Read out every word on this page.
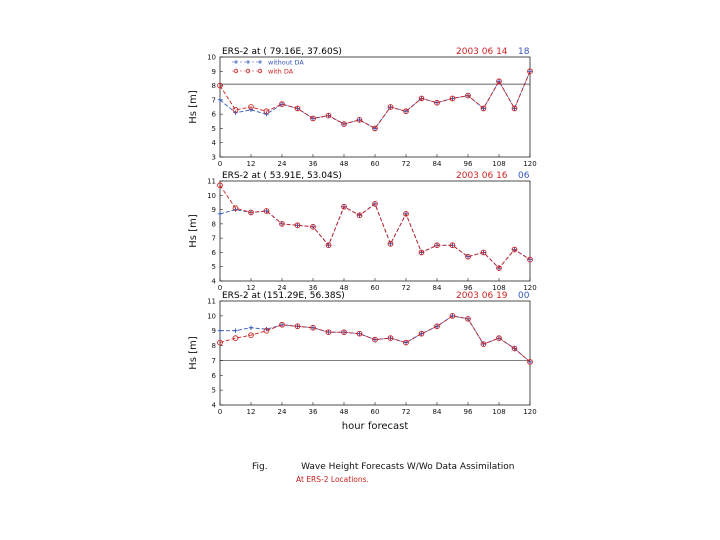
3
4
5
6
7
8
9
10
0	12	24	36	48	60	72	84	96	108	120
Hs [m]
ERS-2 at ( 79.16E, 37.60S)	2003 06 14 18
without DA
with DA
4
5
6
7
8
9
10
11
0	12	24	36	48	60	72	84	96	108	120
Hs [m]
ERS-2 at ( 53.91E, 53.04S)	2003 06 16 06
4
5
6
7
8
9
10
11
0	12	24	36	48	60	72	84	96	108	120
Hs [m]
ERS-2 at (151.29E, 56.38S)	2003 06 19 00
hour forecast
Fig.	Wave Height Forecasts W/Wo Data Assimilation
At ERS-2 Locations.
